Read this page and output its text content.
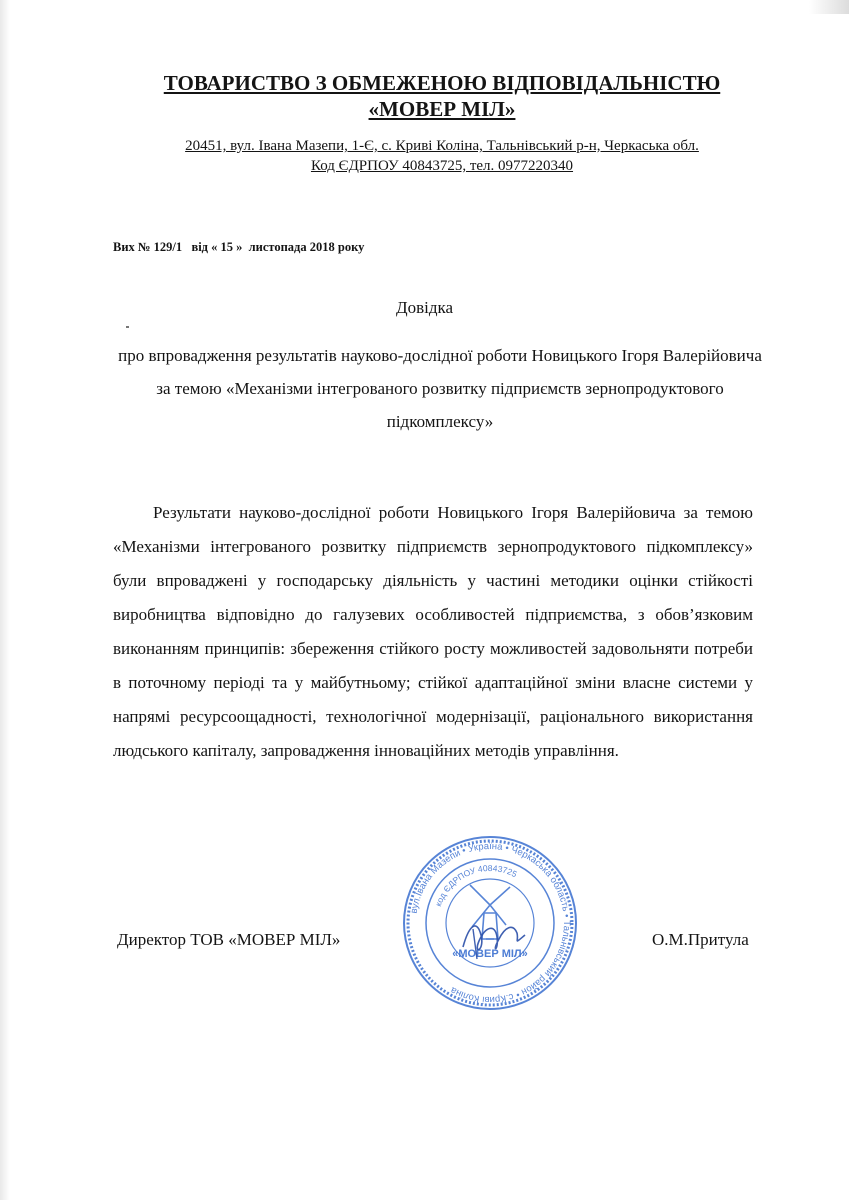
ТОВАРИСТВО З ОБМЕЖЕНОЮ ВІДПОВІДАЛЬНІСТЮ
«МОВЕР МІЛ»
20451, вул. Івана Мазепи, 1-Є, с. Криві Коліна, Тальнівський р-н, Черкаська обл.
Код ЄДРПОУ 40843725, тел. 0977220340
Вих № 129/1   від « 15 »  листопада 2018 року
Довідка
про впровадження результатів науково-дослідної роботи Новицького Ігоря Валерійовича за темою «Механізми інтегрованого розвитку підприємств зернопродуктового підкомплексу»
Результати науково-дослідної роботи Новицького Ігоря Валерійовича за темою «Механізми інтегрованого розвитку підприємств зернопродуктового підкомплексу» були впроваджені у господарську діяльність у частині методики оцінки стійкості виробництва відповідно до галузевих особливостей підприємства, з обов’язковим виконанням принципів: збереження стійкого росту можливостей задовольняти потреби в поточному періоді та у майбутньому; стійкої адаптаційної зміни власне системи у напрямі ресурсоощадності, технологічної модернізації, раціонального використання людського капіталу, запровадження інноваційних методів управління.
Директор ТОВ «МОВЕР МІЛ»	О.М.Притула
вул.Івана Мазепи • Україна • Черкаська область • Тальнівський район • с.Криві Коліна
код ЄДРПОУ 40843725
«МОВЕР МІЛ»
